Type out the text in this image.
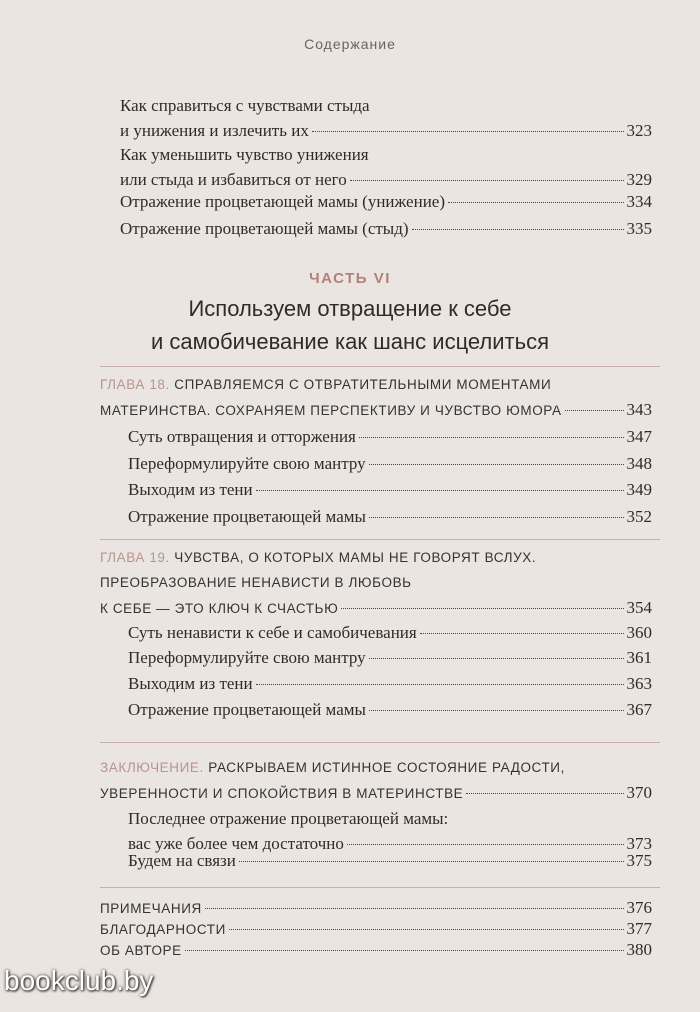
Содержание
Как справиться с чувствами стыда
и унижения и излечить их	323
Как уменьшить чувство унижения
или стыда и избавиться от него	329
Отражение процветающей мамы (унижение)	334
Отражение процветающей мамы (стыд)	335
ЧАСТЬ VI
Используем отвращение к себе
и самобичевание как шанс исцелиться
ГЛАВА 18. СПРАВЛЯЕМСЯ С ОТВРАТИТЕЛЬНЫМИ МОМЕНТАМИ
МАТЕРИНСТВА. СОХРАНЯЕМ ПЕРСПЕКТИВУ И ЧУВСТВО ЮМОРА	343
Суть отвращения и отторжения	347
Переформулируйте свою мантру	348
Выходим из тени	349
Отражение процветающей мамы	352
ГЛАВА 19. ЧУВСТВА, О КОТОРЫХ МАМЫ НЕ ГОВОРЯТ ВСЛУХ.
ПРЕОБРАЗОВАНИЕ НЕНАВИСТИ В ЛЮБОВЬ
К СЕБЕ — ЭТО КЛЮЧ К СЧАСТЬЮ	354
Суть ненависти к себе и самобичевания	360
Переформулируйте свою мантру	361
Выходим из тени	363
Отражение процветающей мамы	367
ЗАКЛЮЧЕНИЕ. РАСКРЫВАЕМ ИСТИННОЕ СОСТОЯНИЕ РАДОСТИ,
УВЕРЕННОСТИ И СПОКОЙСТВИЯ В МАТЕРИНСТВЕ	370
Последнее отражение процветающей мамы:
вас уже более чем достаточно	373
Будем на связи	375
ПРИМЕЧАНИЯ	376
БЛАГОДАРНОСТИ	377
ОБ АВТОРЕ	380
bookclub.by
